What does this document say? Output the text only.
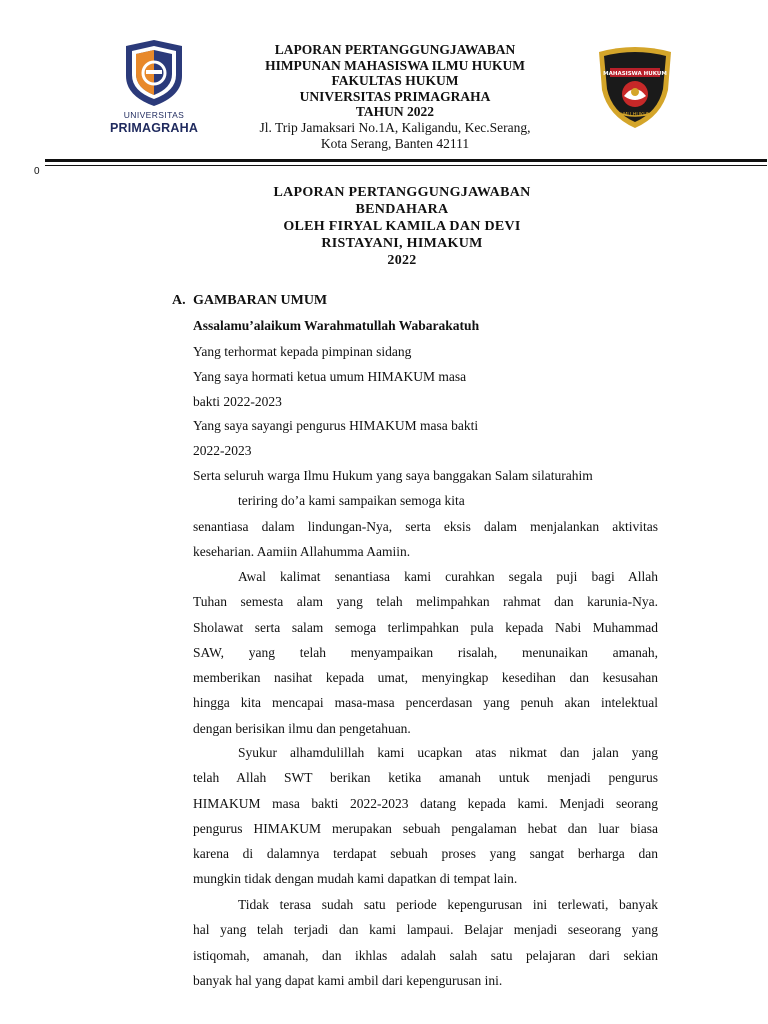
UNIVERSITAS
PRIMAGRAHA
MAHASISWA HUKUM
ILMU HUKUM
LAPORAN PERTANGGUNGJAWABAN
HIMPUNAN MAHASISWA ILMU HUKUM
FAKULTAS HUKUM
UNIVERSITAS PRIMAGRAHA
TAHUN 2022
Jl. Trip Jamaksari No.1A, Kaligandu, Kec.Serang,
Kota Serang, Banten 42111
0
LAPORAN PERTANGGUNGJAWABAN
BENDAHARA
OLEH FIRYAL KAMILA DAN DEVI
RISTAYANI, HIMAKUM
2022
A. GAMBARAN UMUM
Assalamu’alaikum Warahmatullah Wabarakatuh
Yang terhormat kepada pimpinan sidang
Yang saya hormati ketua umum HIMAKUM masa
bakti 2022-2023
Yang saya sayangi pengurus HIMAKUM masa bakti
2022-2023
Serta seluruh warga Ilmu Hukum yang saya banggakan Salam silaturahim
teriring do’a kami sampaikan semoga kita
senantiasa dalam lindungan-Nya, serta eksis dalam menjalankan aktivitas
keseharian. Aamiin Allahumma Aamiin.
Awal kalimat senantiasa kami curahkan segala puji bagi Allah
Tuhan semesta alam yang telah melimpahkan rahmat dan karunia-Nya.
Sholawat serta salam semoga terlimpahkan pula kepada Nabi Muhammad
SAW, yang telah menyampaikan risalah, menunaikan amanah,
memberikan nasihat kepada umat, menyingkap kesedihan dan kesusahan
hingga kita mencapai masa-masa pencerdasan yang penuh akan intelektual
dengan berisikan ilmu dan pengetahuan.
Syukur alhamdulillah kami ucapkan atas nikmat dan jalan yang
telah Allah SWT berikan ketika amanah untuk menjadi pengurus
HIMAKUM masa bakti 2022-2023 datang kepada kami. Menjadi seorang
pengurus HIMAKUM merupakan sebuah pengalaman hebat dan luar biasa
karena di dalamnya terdapat sebuah proses yang sangat berharga dan
mungkin tidak dengan mudah kami dapatkan di tempat lain.
Tidak terasa sudah satu periode kepengurusan ini terlewati, banyak
hal yang telah terjadi dan kami lampaui. Belajar menjadi seseorang yang
istiqomah, amanah, dan ikhlas adalah salah satu pelajaran dari sekian
banyak hal yang dapat kami ambil dari kepengurusan ini.
